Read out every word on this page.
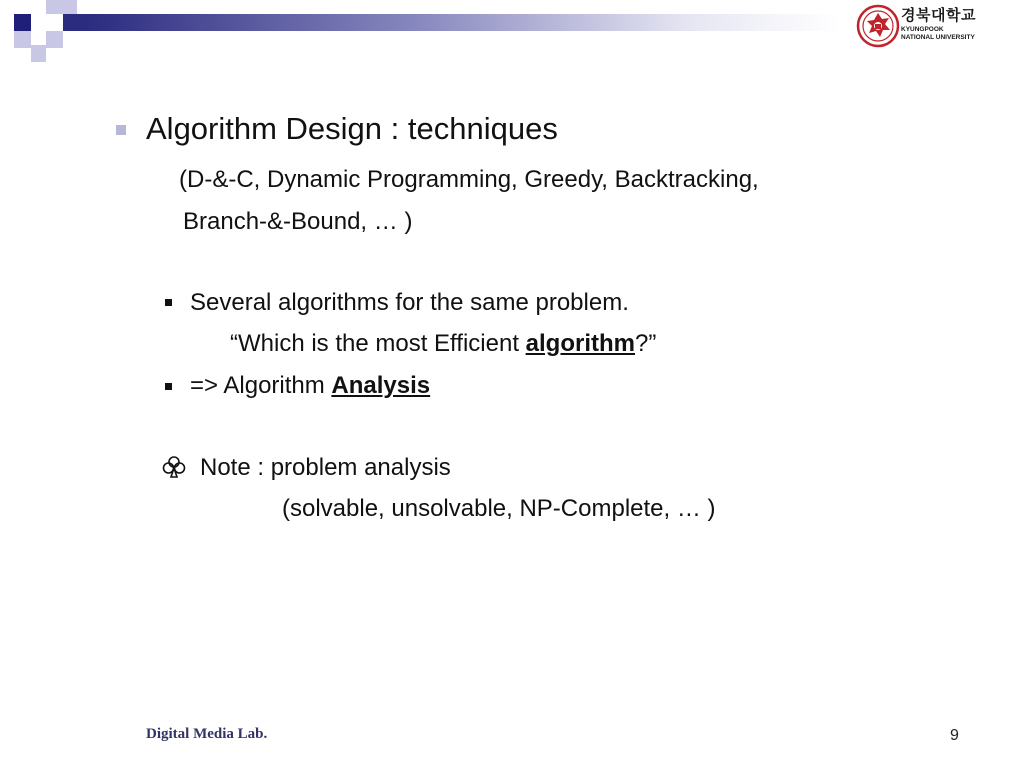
경북대학교
KYUNGPOOK
NATIONAL UNIVERSITY
Algorithm Design : techniques
(D-&-C, Dynamic Programming, Greedy, Backtracking,
Branch-&-Bound, … )
Several algorithms for the same problem.
“Which is the most Efficient algorithm?”
=> Algorithm Analysis
Note : problem analysis
(solvable, unsolvable, NP-Complete, … )
Digital Media Lab.	9
